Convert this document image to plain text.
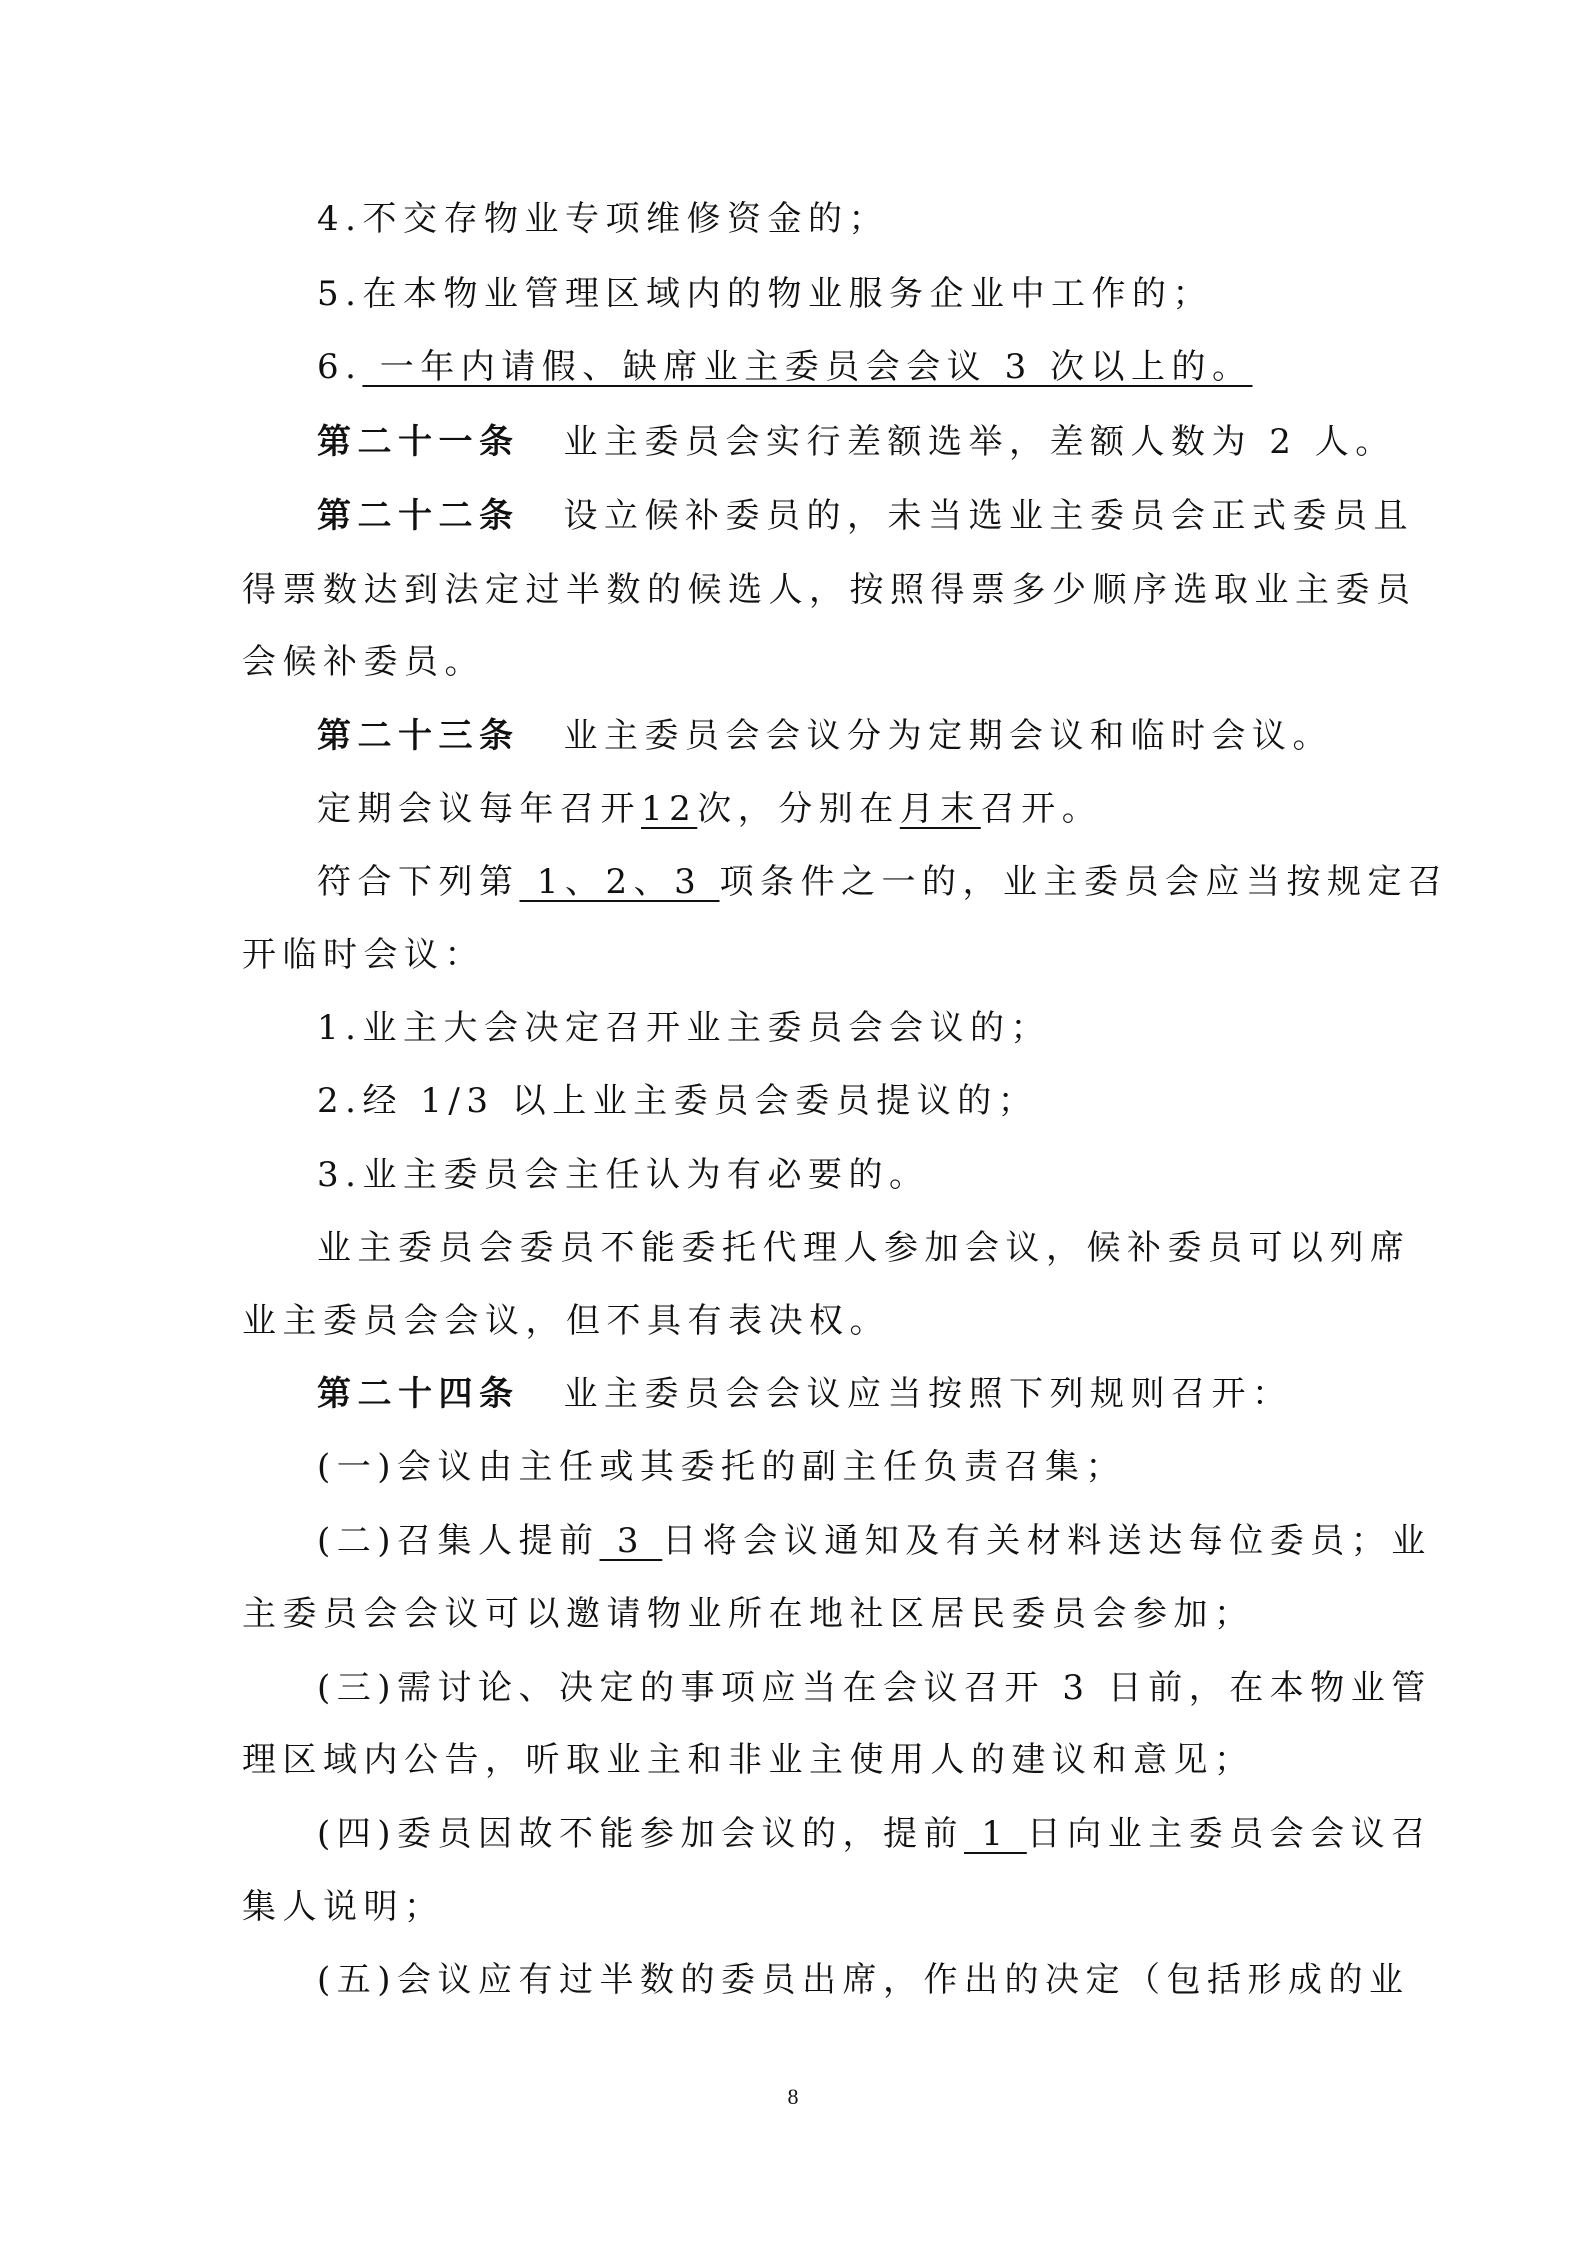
4.不交存物业专项维修资金的；
5.在本物业管理区域内的物业服务企业中工作的；
6. 一年内请假、缺席业主委员会会议 3 次以上的。
第二十一条 业主委员会实行差额选举，差额人数为 2 人。
第二十二条 设立候补委员的，未当选业主委员会正式委员且
得票数达到法定过半数的候选人，按照得票多少顺序选取业主委员
会候补委员。
第二十三条 业主委员会会议分为定期会议和临时会议。
定期会议每年召开12次，分别在月末召开。
符合下列第 1、2、3 项条件之一的，业主委员会应当按规定召
开临时会议：
1.业主大会决定召开业主委员会会议的；
2.经 1/3 以上业主委员会委员提议的；
3.业主委员会主任认为有必要的。
业主委员会委员不能委托代理人参加会议，候补委员可以列席
业主委员会会议，但不具有表决权。
第二十四条 业主委员会会议应当按照下列规则召开：
(一)会议由主任或其委托的副主任负责召集；
(二)召集人提前 3 日将会议通知及有关材料送达每位委员；业
主委员会会议可以邀请物业所在地社区居民委员会参加；
(三)需讨论、决定的事项应当在会议召开 3 日前，在本物业管
理区域内公告，听取业主和非业主使用人的建议和意见；
(四)委员因故不能参加会议的，提前 1 日向业主委员会会议召
集人说明；
(五)会议应有过半数的委员出席，作出的决定（包括形成的业
8
